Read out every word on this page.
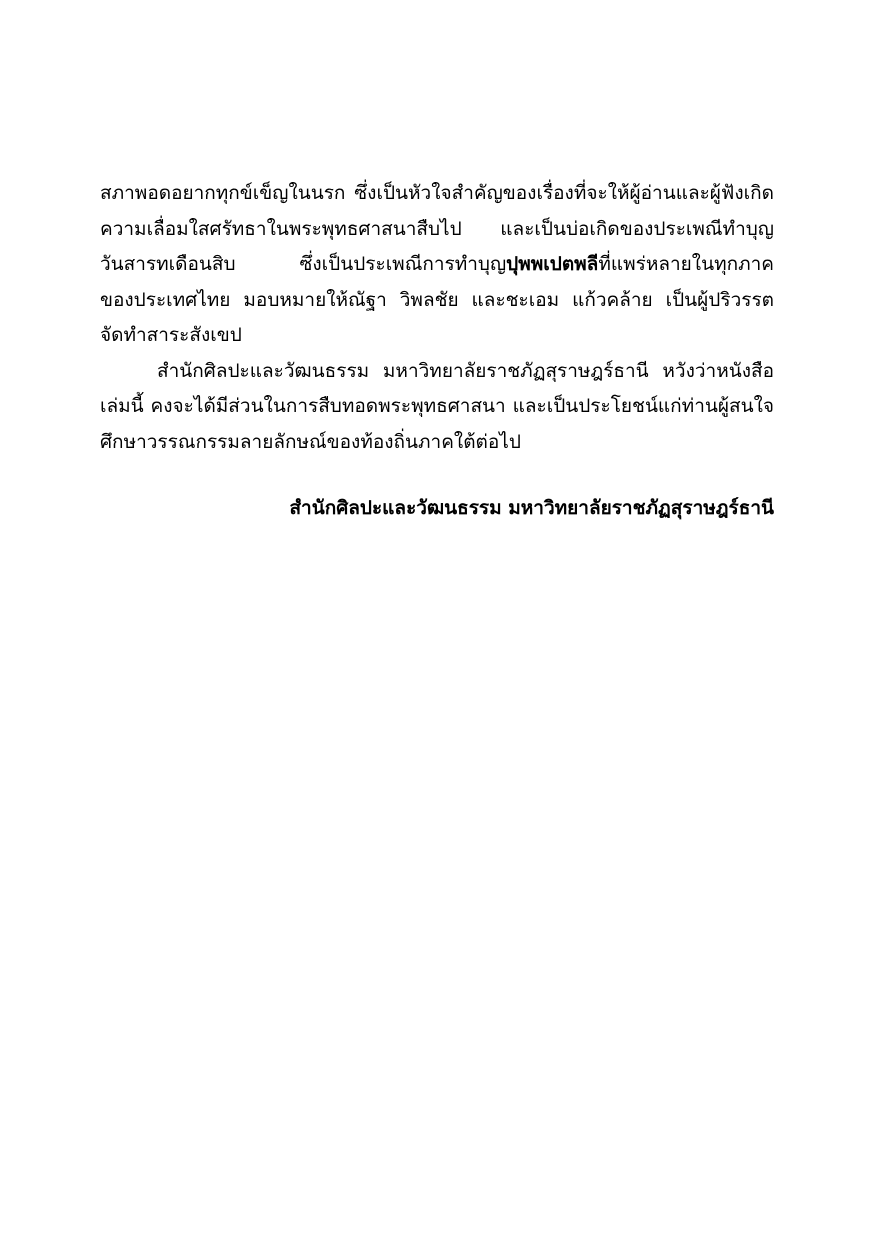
สภาพอดอยากทุกข์เข็ญในนรก ซึ่งเป็นหัวใจสำคัญของเรื่องที่จะให้ผู้อ่านและผู้ฟังเกิด
ความเลื่อมใสศรัทธาในพระพุทธศาสนาสืบไป และเป็นบ่อเกิดของประเพณีทำบุญ
วันสารทเดือนสิบ ซึ่งเป็นประเพณีการทำบุญปุพพเปตพลีที่แพร่หลายในทุกภาค
ของประเทศไทย มอบหมายให้ณัฐา วิพลชัย และชะเอม แก้วคล้าย เป็นผู้ปริวรรต
จัดทำสาระสังเขป
สำนักศิลปะและวัฒนธรรม มหาวิทยาลัยราชภัฏสุราษฎร์ธานี หวังว่าหนังสือ
เล่มนี้ คงจะได้มีส่วนในการสืบทอดพระพุทธศาสนา และเป็นประโยชน์แก่ท่านผู้สนใจ
ศึกษาวรรณกรรมลายลักษณ์ของท้องถิ่นภาคใต้ต่อไป
สำนักศิลปะและวัฒนธรรม มหาวิทยาลัยราชภัฏสุราษฎร์ธานี
